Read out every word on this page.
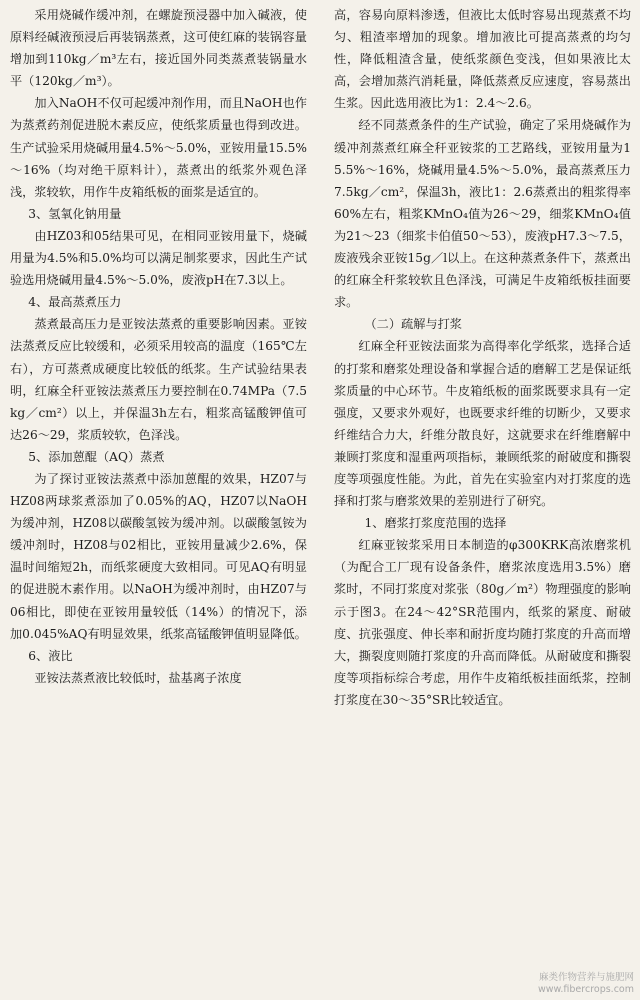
采用烧碱作缓冲剂，在螺旋预浸器中加入碱液，使原料经碱液预浸后再装锅蒸煮，这可使红麻的装锅容量增加到110kg／m³左右，接近国外同类蒸煮装锅量水平（120kg／m³）。

加入NaOH不仅可起缓冲剂作用，而且NaOH也作为蒸煮药剂促进脱木素反应，使纸浆质量也得到改进。生产试验采用烧碱用量4.5%～5.0%，亚铵用量15.5%～16%（均对绝干原料计），蒸煮出的纸浆外观色泽浅，浆较软，用作牛皮箱纸板的面浆是适宜的。

3、氢氧化钠用量

由HZ03和05结果可见，在相同亚铵用量下，烧碱用量为4.5%和5.0%均可以满足制浆要求，因此生产试验选用烧碱用量4.5%～5.0%，废液pH在7.3以上。

4、最高蒸煮压力

蒸煮最高压力是亚铵法蒸煮的重要影响因素。亚铵法蒸煮反应比较缓和，必须采用较高的温度（165℃左右），方可蒸煮成硬度比较低的纸浆。生产试验结果表明，红麻全秆亚铵法蒸煮压力要控制在0.74MPa（7.5kg／cm²）以上，并保温3h左右，粗浆高锰酸钾值可达26～29，浆质较软，色泽浅。

5、添加蒽醌（AQ）蒸煮

为了探讨亚铵法蒸煮中添加蒽醌的效果，HZ07与HZ08两球浆煮添加了0.05%的AQ，HZ07以NaOH为缓冲剂，HZ08以碳酸氢铵为缓冲剂。以碳酸氢铵为缓冲剂时，HZ08与02相比，亚铵用量减少2.6%，保温时间缩短2h，而纸浆硬度大致相同。可见AQ有明显的促进脱木素作用。以NaOH为缓冲剂时，由HZ07与06相比，即使在亚铵用量较低（14%）的情况下，添加0.045%AQ有明显效果，纸浆高锰酸钾值明显降低。

6、液比

亚铵法蒸煮液比较低时，盐基离子浓度

高，容易向原料渗透，但液比太低时容易出现蒸煮不均匀、粗渣率增加的现象。增加液比可提高蒸煮的均匀性，降低粗渣含量，使纸浆颜色变浅，但如果液比太高，会增加蒸汽消耗量，降低蒸煮反应速度，容易蒸出生浆。因此选用液比为1：2.4～2.6。

经不同蒸煮条件的生产试验，确定了采用烧碱作为缓冲剂蒸煮红麻全秆亚铵浆的工艺路线，亚铵用量为15.5%～16%，烧碱用量4.5%～5.0%，最高蒸煮压力7.5kg／cm²，保温3h，液比1：2.6蒸煮出的粗浆得率60%左右，粗浆KMnO₄值为26～29，细浆KMnO₄值为21～23（细浆卡伯值50～53），废液pH7.3～7.5，废液残余亚铵15g／l以上。在这种蒸煮条件下，蒸煮出的红麻全秆浆较软且色泽浅，可满足牛皮箱纸板挂面要求。

（二）疏解与打浆

红麻全秆亚铵法面浆为高得率化学纸浆，选择合适的打浆和磨浆处理设备和掌握合适的磨解工艺是保证纸浆质量的中心环节。牛皮箱纸板的面浆既要求具有一定强度，又要求外观好，也既要求纤维的切断少，又要求纤维结合力大，纤维分散良好，这就要求在纤维磨解中兼顾打浆度和湿重两项指标，兼顾纸浆的耐破度和撕裂度等项强度性能。为此，首先在实验室内对打浆度的选择和打浆与磨浆效果的差别进行了研究。

1、磨浆打浆度范围的选择

红麻亚铵浆采用日本制造的φ300KRK高浓磨浆机（为配合工厂现有设备条件，磨浆浓度选用3.5%）磨浆时，不同打浆度对浆张（80g／m²）物理强度的影响示于图3。在24～42°SR范围内，纸浆的紧度、耐破度、抗张强度、伸长率和耐折度均随打浆度的升高而增大，撕裂度则随打浆度的升高而降低。从耐破度和撕裂度等项指标综合考虑，用作牛皮箱纸板挂面纸浆，控制打浆度在30～35°SR比较适宜。

麻类作物营养与施肥网
www.fibercrops.com
